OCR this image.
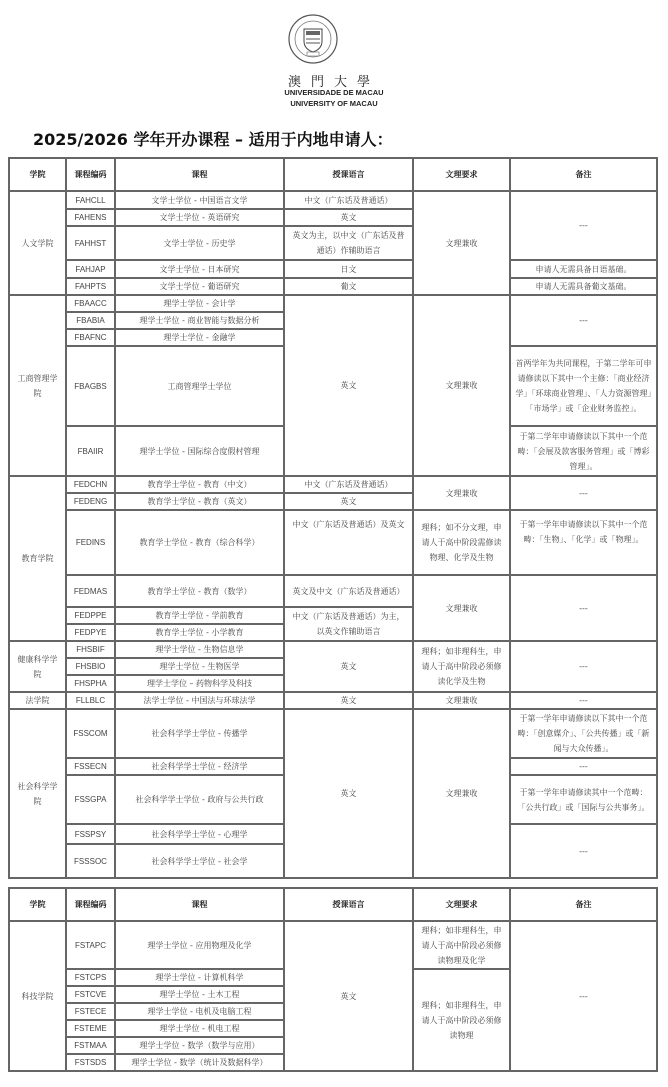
澳門大學
UNIVERSIDADE DE MACAU
UNIVERSITY OF MACAU
2025/2026 学年开办课程 – 适用于内地申请人：
学院	课程编码	课程	授课语言	文理要求	备注
人文学院	FAHCLL	文学士学位 - 中国语言文学	中文（广东话及普通话）	文理兼收	---
	FAHENS	文学士学位 - 英语研究	英文		
	FAHHST	文学士学位 - 历史学	英文为主，以中文（广东话及普通话）作辅助语言		
	FAHJAP	文学士学位 - 日本研究	日文		申请人无需具备日语基础。
	FAHPTS	文学士学位 - 葡语研究	葡文		申请人无需具备葡文基础。
工商管理学院	FBAACC	理学士学位 - 会计学	英文	文理兼收	---
	FBABIA	理学士学位 - 商业智能与数据分析			
	FBAFNC	理学士学位 - 金融学			
	FBAGBS	工商管理学士学位			首两学年为共同课程，于第二学年可申请修读以下其中一个主修：「商业经济学」「环球商业管理」、「人力资源管理」「市场学」或「企业财务监控」。
	FBAIIR	理学士学位 - 国际综合度假村管理			于第二学年申请修读以下其中一个范畴：「会展及款客服务管理」或「博彩管理」。
教育学院	FEDCHN	教育学士学位 - 教育（中文）	中文（广东话及普通话）	文理兼收	---
	FEDENG	教育学士学位 - 教育（英文）	英文		
	FEDINS	教育学士学位 - 教育（综合科学）	中文（广东话及普通话）及英文	理科；如不分文理，申请人于高中阶段需修读物理、化学及生物	于第一学年申请修读以下其中一个范畴：「生物」、「化学」或「物理」。
	FEDMAS	教育学士学位 - 教育（数学）	英文及中文（广东话及普通话）	文理兼收	---
	FEDPPE	教育学士学位 - 学前教育	中文（广东话及普通话）为主，以英文作辅助语言		
	FEDPYE	教育学士学位 - 小学教育			
健康科学学院	FHSBIF	理学士学位 - 生物信息学	英文	理科；如非理科生，申请人于高中阶段必须修读化学及生物	---
	FHSBIO	理学士学位 - 生物医学			
	FHSPHA	理学士学位 – 药物科学及科技			
法学院	FLLBLC	法学士学位 - 中国法与环球法学	英文	文理兼收	---
社会科学学院	FSSCOM	社会科学学士学位 - 传播学	英文	文理兼收	于第一学年申请修读以下其中一个范畴：「创意媒介」、「公共传播」或「新闻与大众传播」。
	FSSECN	社会科学学士学位 - 经济学			---
	FSSGPA	社会科学学士学位 - 政府与公共行政			于第一学年申请修读其中一个范畴：「公共行政」或「国际与公共事务」。
	FSSPSY	社会科学学士学位 - 心理学			---
	FSSSOC	社会科学学士学位 - 社会学			
学院	课程编码	课程	授课语言	文理要求	备注
科技学院	FSTAPC	理学士学位 - 应用物理及化学	英文	理科；如非理科生，申请人于高中阶段必须修读物理及化学	---
	FSTCPS	理学士学位 - 计算机科学		理科；如非理科生，申请人于高中阶段必须修读物理	
	FSTCVE	理学士学位 - 土木工程			
	FSTECE	理学士学位 - 电机及电脑工程			
	FSTEME	理学士学位 - 机电工程			
	FSTMAA	理学士学位 - 数学（数学与应用）			
	FSTSDS	理学士学位 - 数学（统计及数据科学）			
